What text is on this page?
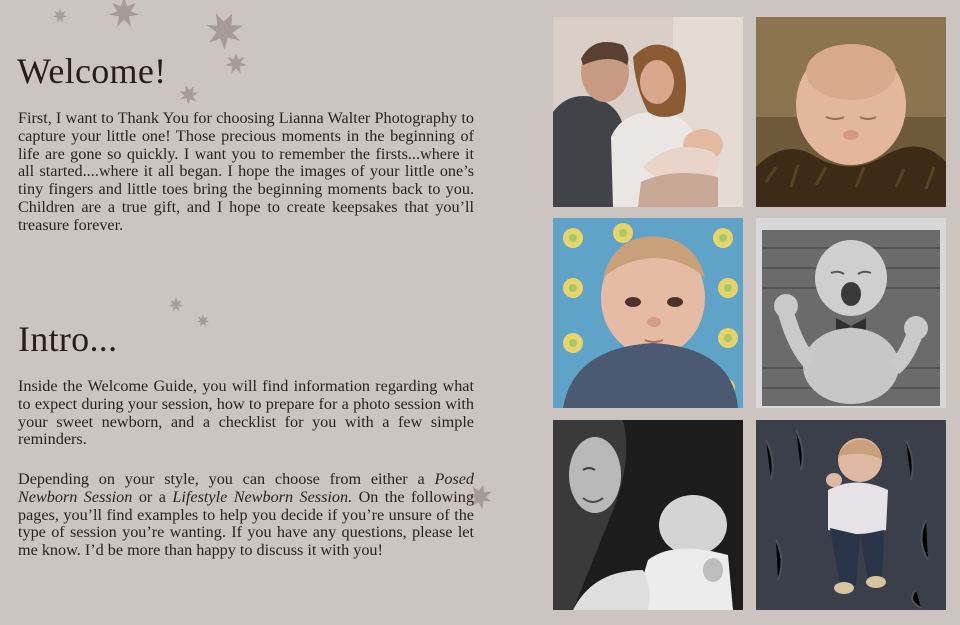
Welcome!

First, I want to Thank You for choosing Lianna Walter Photography to capture your little one! Those precious moments in the beginning of life are gone so quickly. I want you to remember the firsts...where it all started....where it all began. I hope the images of your little one’s tiny fingers and little toes bring the beginning moments back to you. Children are a true gift, and I hope to create keepsakes that you’ll treasure forever.

Intro...

Inside the Welcome Guide, you will find information regarding what to expect during your session, how to prepare for a photo session with your sweet newborn, and a checklist for you with a few simple reminders.

Depending on your style, you can choose from either a Posed Newborn Session or a Lifestyle Newborn Session. On the following pages, you’ll find examples to help you decide if you’re unsure of the type of session you’re wanting. If you have any questions, please let me know. I’d be more than happy to discuss it with you!
